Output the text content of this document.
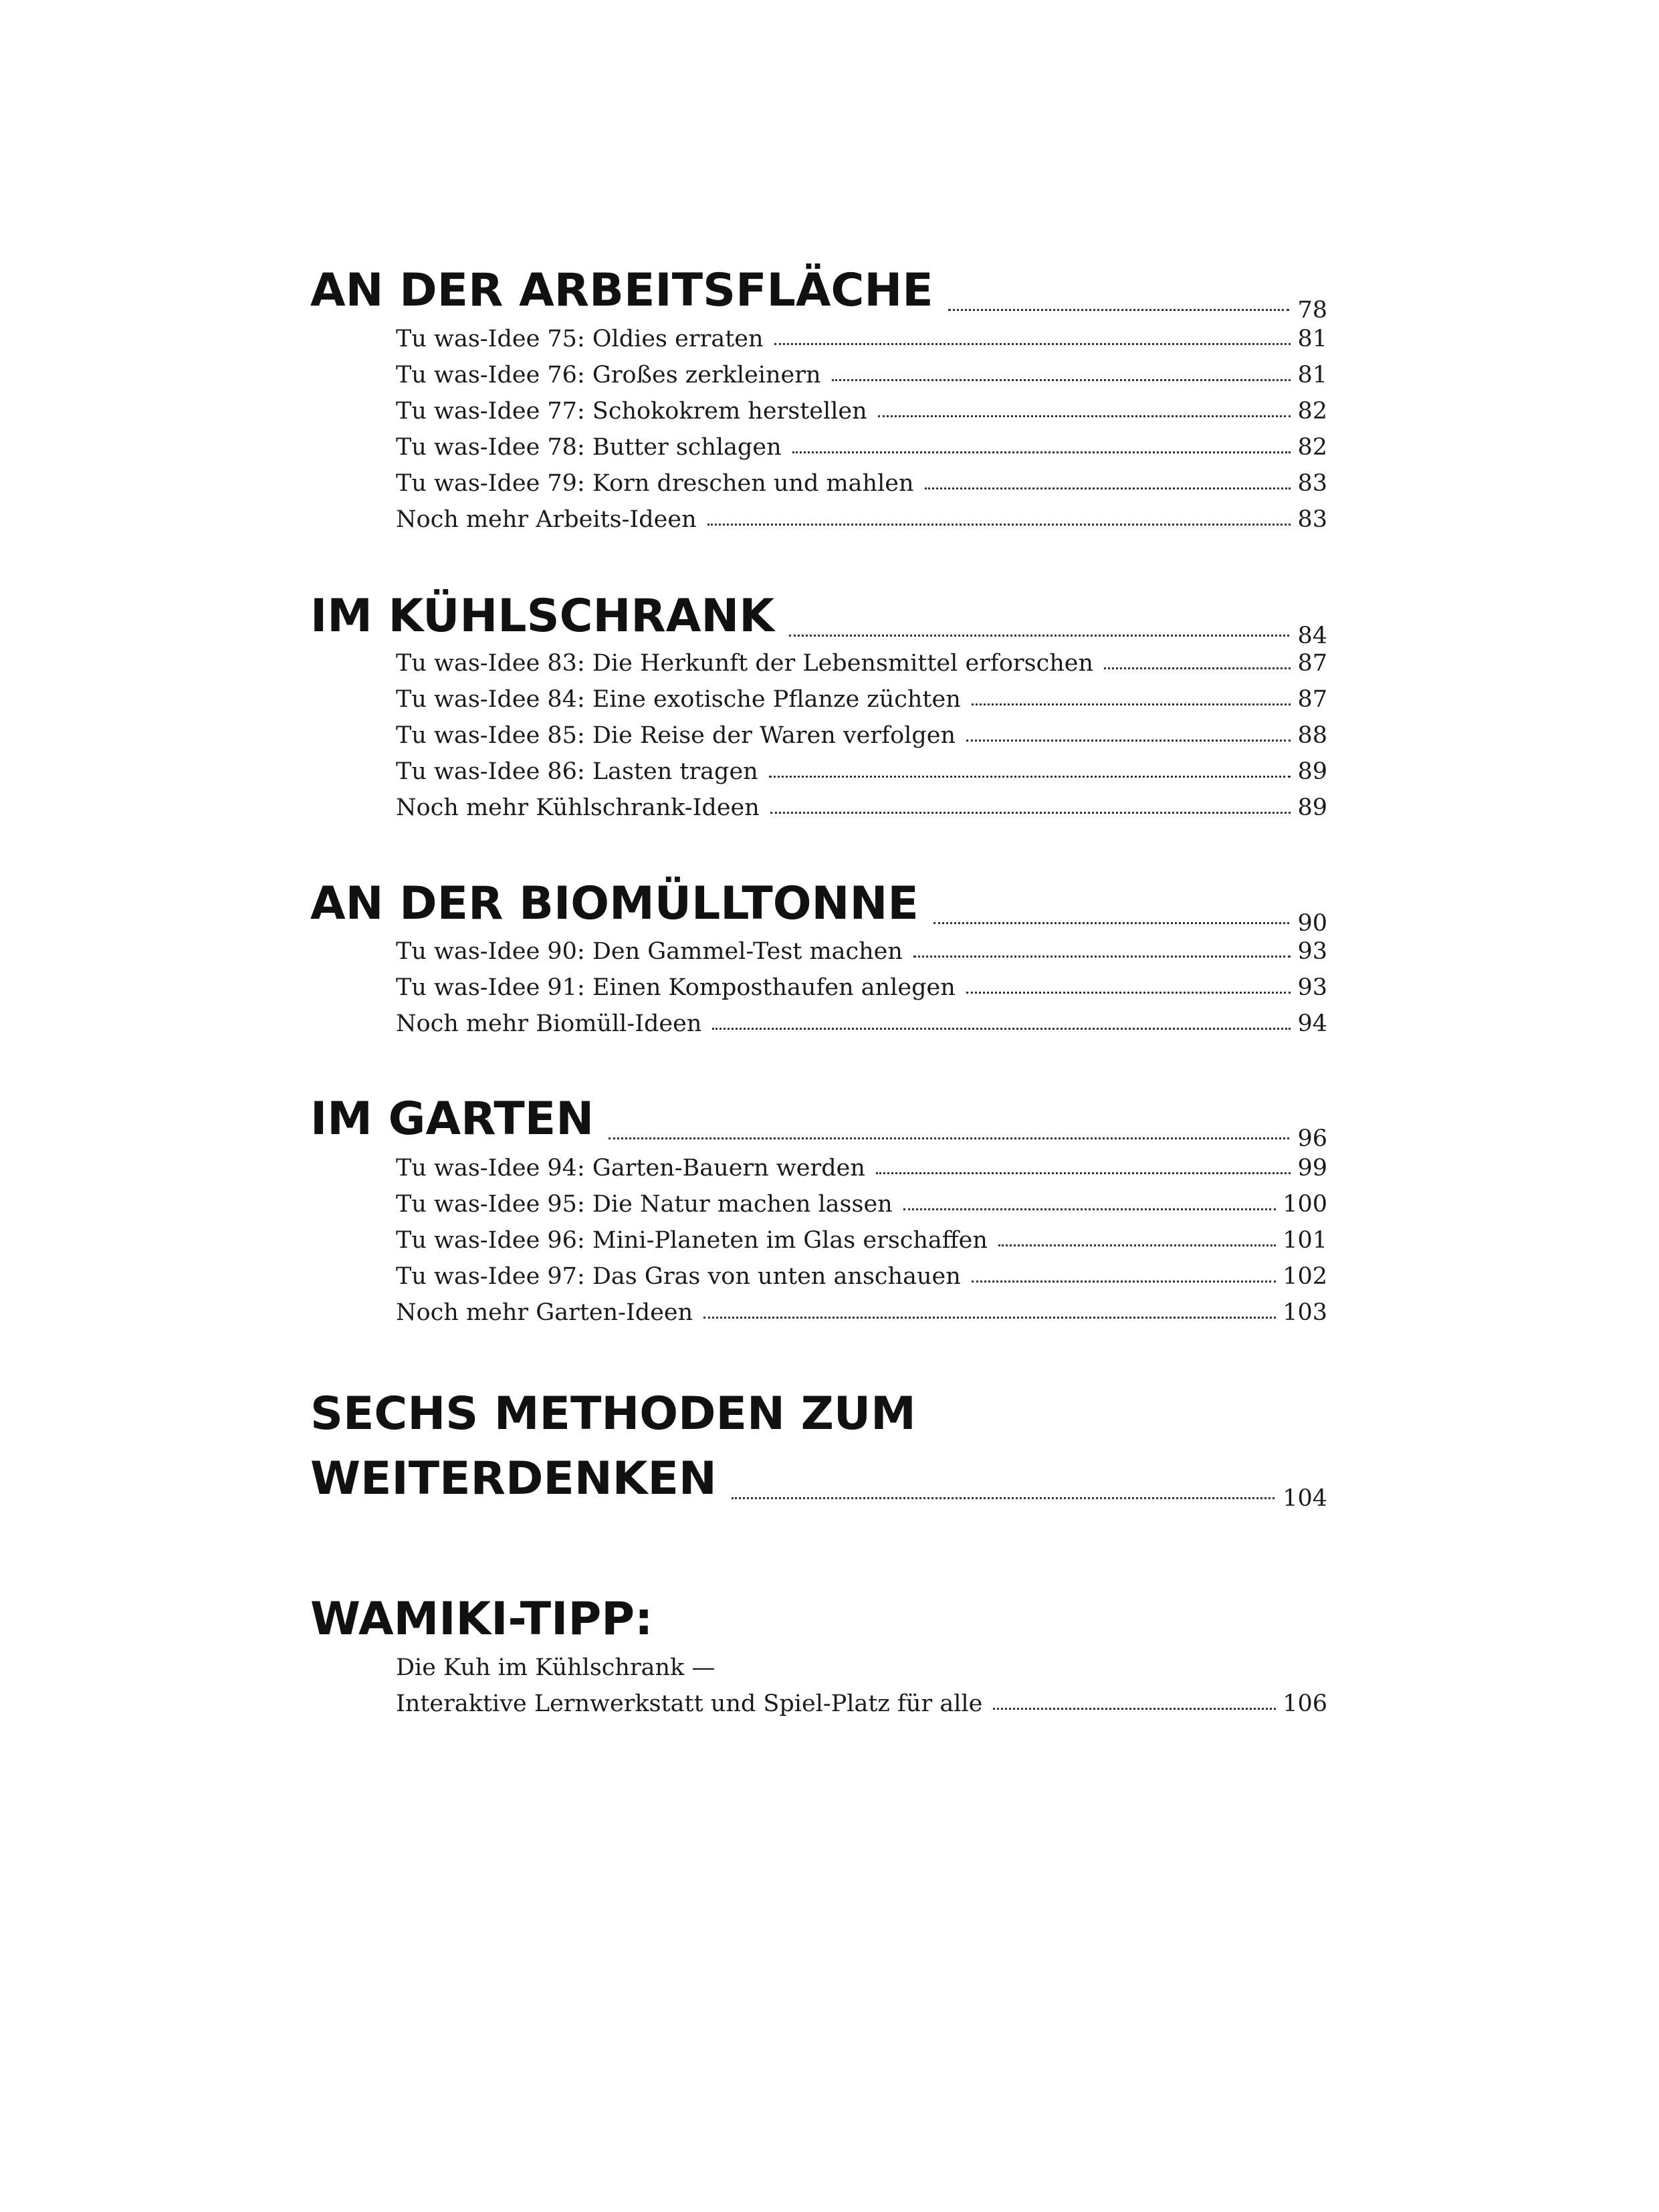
AN DER ARBEITSFLÄCHE	78
Tu was-Idee 75: Oldies erraten	81
Tu was-Idee 76: Großes zerkleinern	81
Tu was-Idee 77: Schokokrem herstellen	82
Tu was-Idee 78: Butter schlagen	82
Tu was-Idee 79: Korn dreschen und mahlen	83
Noch mehr Arbeits-Ideen	83
IM KÜHLSCHRANK	84
Tu was-Idee 83: Die Herkunft der Lebensmittel erforschen	87
Tu was-Idee 84: Eine exotische Pflanze züchten	87
Tu was-Idee 85: Die Reise der Waren verfolgen	88
Tu was-Idee 86: Lasten tragen	89
Noch mehr Kühlschrank-Ideen	89
AN DER BIOMÜLLTONNE	90
Tu was-Idee 90: Den Gammel-Test machen	93
Tu was-Idee 91: Einen Komposthaufen anlegen	93
Noch mehr Biomüll-Ideen	94
IM GARTEN	96
Tu was-Idee 94: Garten-Bauern werden	99
Tu was-Idee 95: Die Natur machen lassen	100
Tu was-Idee 96: Mini-Planeten im Glas erschaffen	101
Tu was-Idee 97: Das Gras von unten anschauen	102
Noch mehr Garten-Ideen	103
SECHS METHODEN ZUM
WEITERDENKEN	104
WAMIKI-TIPP:
Die Kuh im Kühlschrank —
Interaktive Lernwerkstatt und Spiel-Platz für alle	106
